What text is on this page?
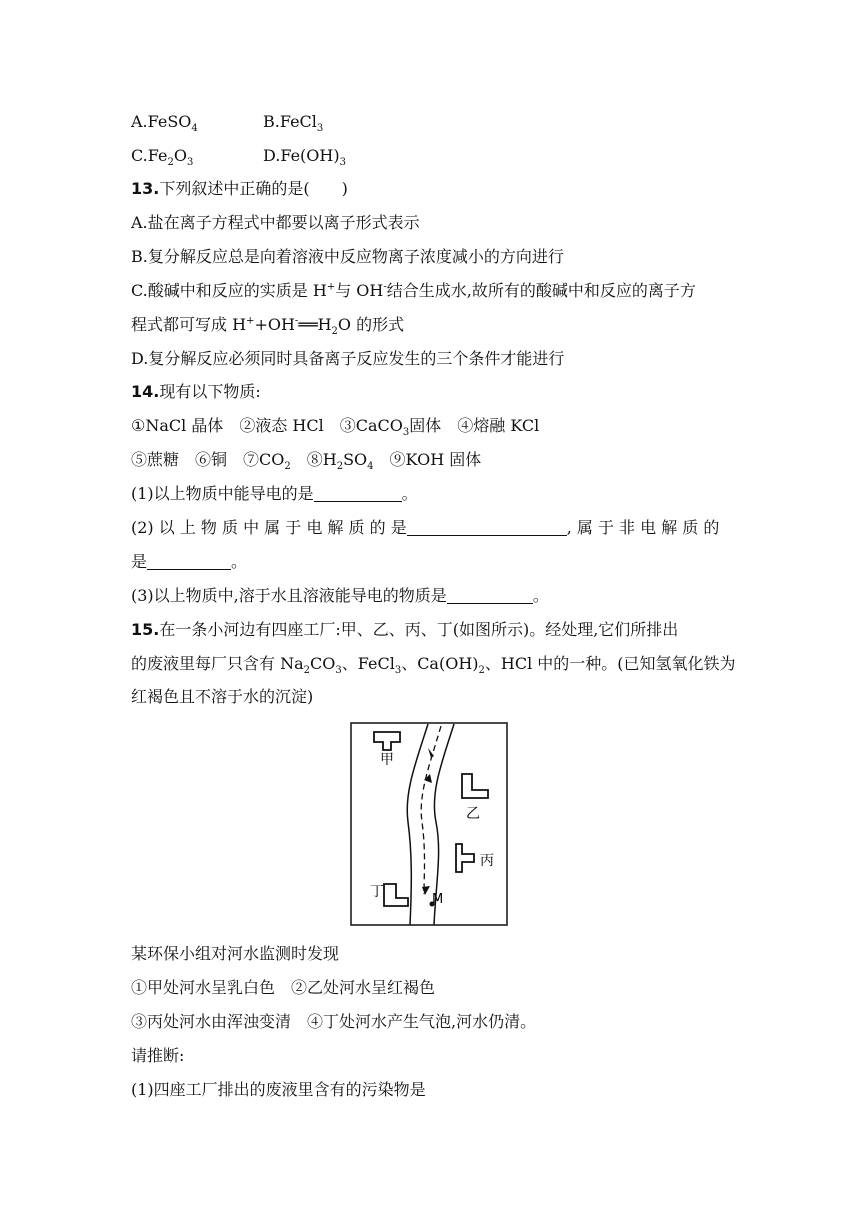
A.FeSO$_4$	B.FeCl$_3$
$C.Fe_2O_3$	$D.Fe(OH)_3$
13.下列叙述中正确的是(　　)
A.盐在离子方程式中都要以离子形式表示
B.复分解反应总是向着溶液中反应物离子浓度减小的方向进行
C.酸碱中和反应的实质是 H+与 OH-结合生成水,故所有的酸碱中和反应的离子方
程式都可写成 $H^++OH^-══H_2O$ 的形式
D.复分解反应必须同时具备离子反应发生的三个条件才能进行
14.现有以下物质:
①NaCl 晶体　②液态 HCl　③CaCO$_3$固体　④熔融 KCl
⑤蔗糖　⑥铜　$⑦CO_2$　$⑧H_2SO_4$　⑨KOH 固体
(1)以上物质中能导电的是	。
(2) 以 上 物 质 中 属 于 电 解 质 的 是	, 属 于 非 电 解 质 的
是	。
(3)以上物质中,溶于水且溶液能导电的物质是	。
15.在一条小河边有四座工厂:甲、乙、丙、丁(如图所示)。经处理,它们所排出
的废液里每厂只含有 $Na_2CO_3$、FeCl$_3$、$Ca(OH)_2$、HCl 中的一种。(已知氢氧化铁为
红褐色且不溶于水的沉淀)
甲
乙
丙
丁	M
某环保小组对河水监测时发现
①甲处河水呈乳白色　②乙处河水呈红褐色
③丙处河水由浑浊变清　④丁处河水产生气泡,河水仍清。
请推断:
(1)四座工厂排出的废液里含有的污染物是
